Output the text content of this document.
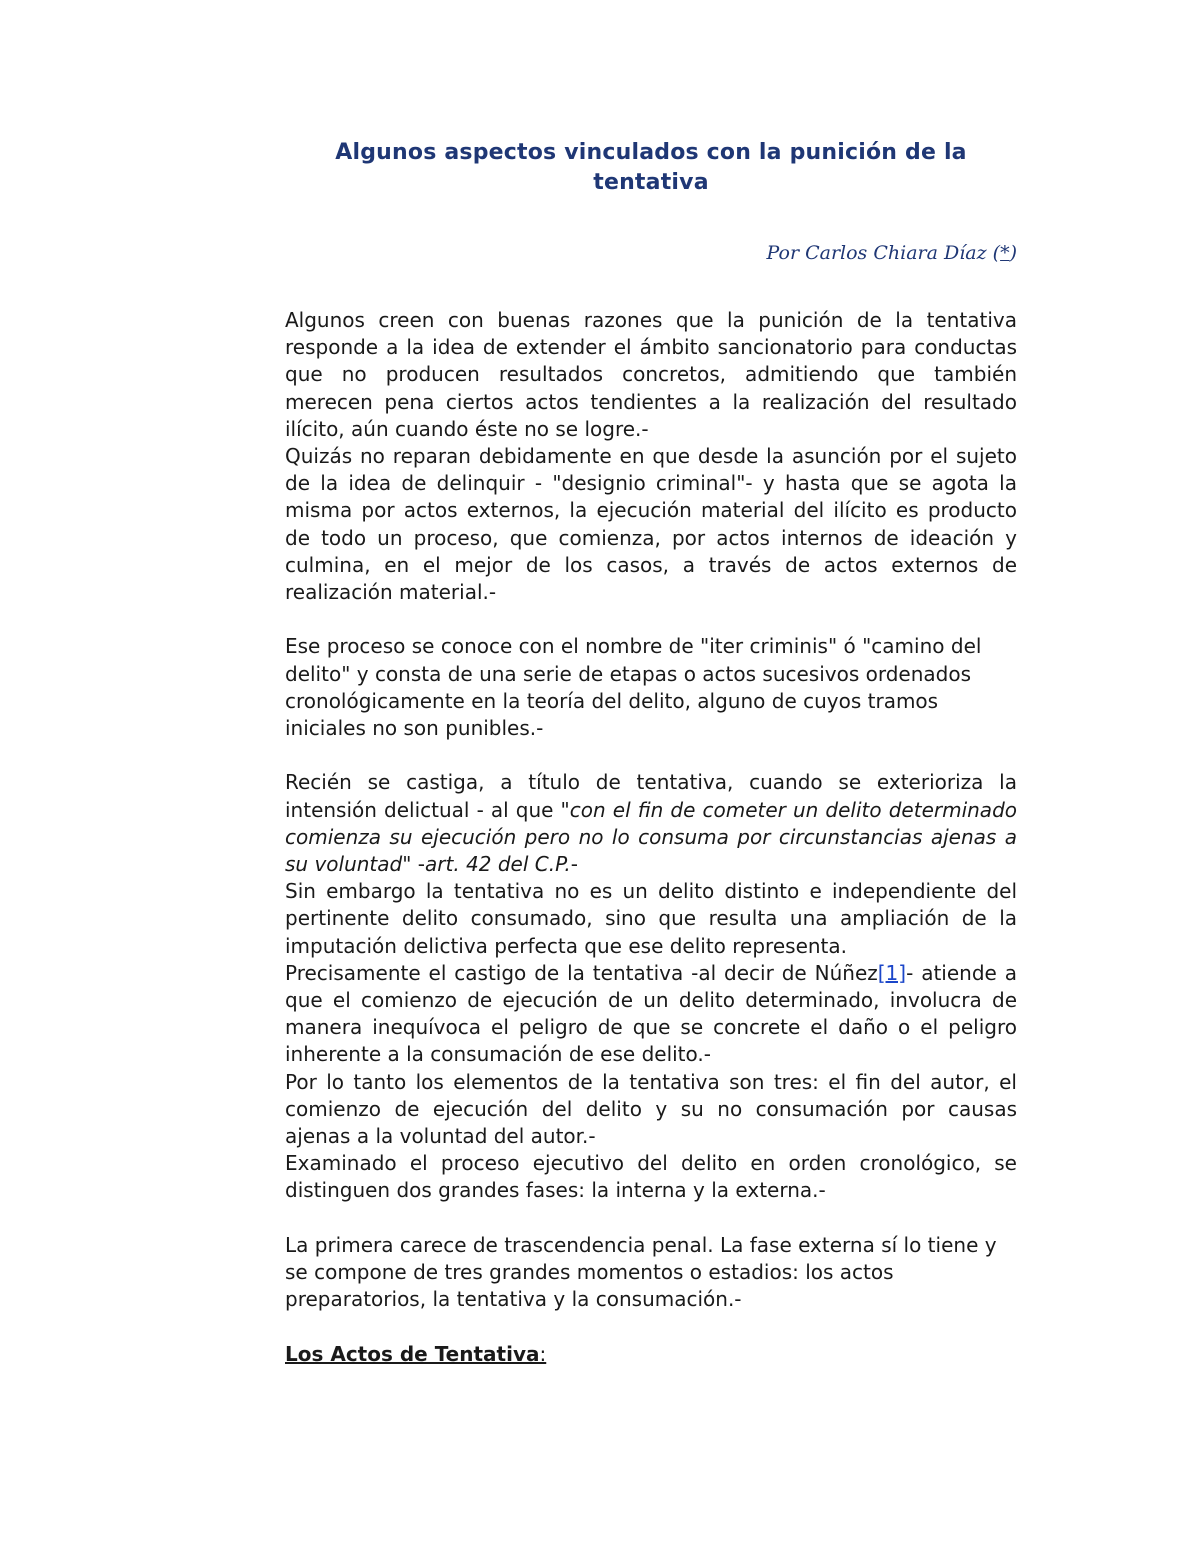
Algunos aspectos vinculados con la punición de la tentativa

Por Carlos Chiara Díaz (*)

Algunos creen con buenas razones que la punición de la tentativa responde a la idea de extender el ámbito sancionatorio para conductas que no producen resultados concretos, admitiendo que también merecen pena ciertos actos tendientes a la realización del resultado ilícito, aún cuando éste no se logre.-

Quizás no reparan debidamente en que desde la asunción por el sujeto de la idea de delinquir - "designio criminal"- y hasta que se agota la misma por actos externos, la ejecución material del ilícito es producto de todo un proceso, que comienza, por actos internos de ideación y culmina, en el mejor de los casos, a través de actos externos de realización material.-

Ese proceso se conoce con el nombre de "iter criminis" ó "camino del delito" y consta de una serie de etapas o actos sucesivos ordenados cronológicamente en la teoría del delito, alguno de cuyos tramos iniciales no son punibles.-

Recién se castiga, a título de tentativa, cuando se exterioriza la intensión delictual - al que "con el fin de cometer un delito determinado comienza su ejecución pero no lo consuma por circunstancias ajenas a su voluntad" -art. 42 del C.P.-

Sin embargo la tentativa no es un delito distinto e independiente del pertinente delito consumado, sino que resulta una ampliación de la imputación delictiva perfecta que ese delito representa.

Precisamente el castigo de la tentativa -al decir de Núñez[1]- atiende a que el comienzo de ejecución de un delito determinado, involucra de manera inequívoca el peligro de que se concrete el daño o el peligro inherente a la consumación de ese delito.-

Por lo tanto los elementos de la tentativa son tres: el fin del autor, el comienzo de ejecución del delito y su no consumación por causas ajenas a la voluntad del autor.-

Examinado el proceso ejecutivo del delito en orden cronológico, se distinguen dos grandes fases: la interna y la externa.-

La primera carece de trascendencia penal. La fase externa sí lo tiene y se compone de tres grandes momentos o estadios: los actos preparatorios, la tentativa y la consumación.-

Los Actos de Tentativa:
